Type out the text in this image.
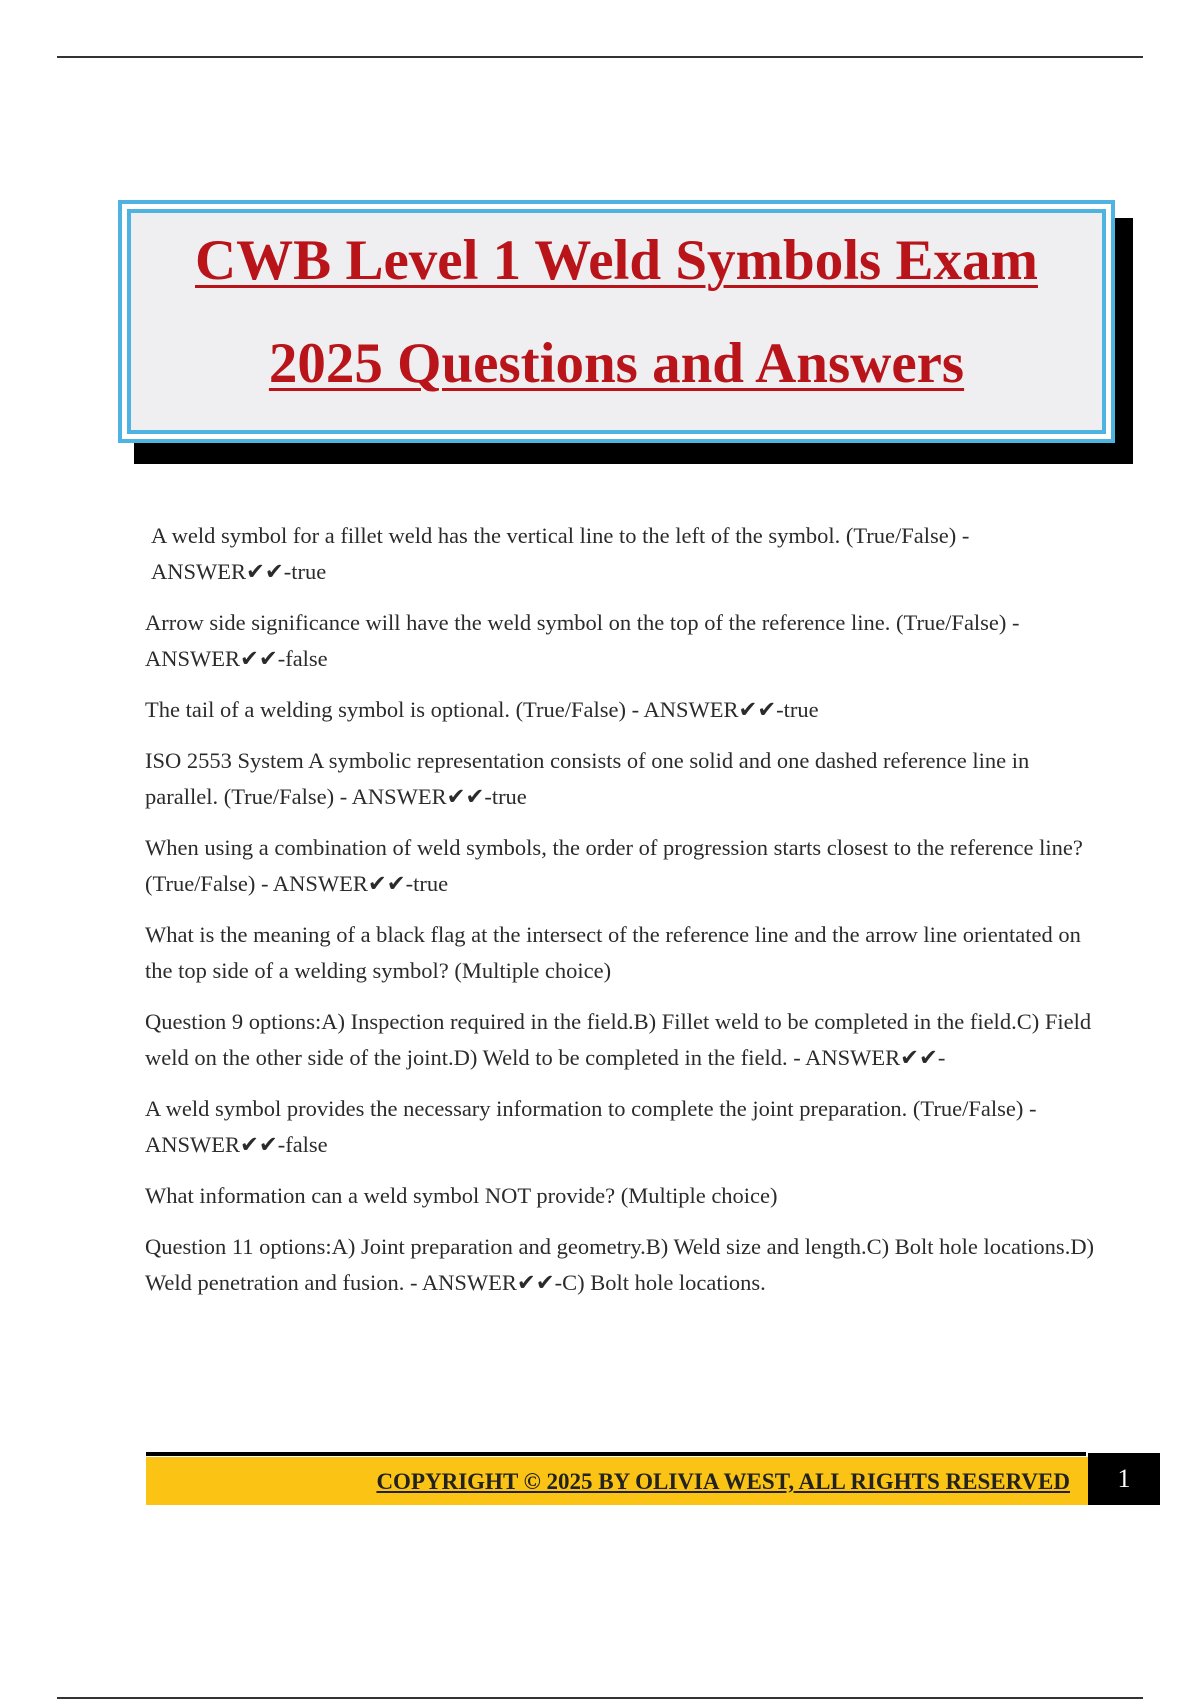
CWB Level 1 Weld Symbols Exam
2025 Questions and Answers

A weld symbol for a fillet weld has the vertical line to the left of the symbol. (True/False) - ANSWER✔✔-true

Arrow side significance will have the weld symbol on the top of the reference line. (True/False) - ANSWER✔✔-false

The tail of a welding symbol is optional. (True/False) - ANSWER✔✔-true

ISO 2553 System A symbolic representation consists of one solid and one dashed reference line in parallel. (True/False) - ANSWER✔✔-true

When using a combination of weld symbols, the order of progression starts closest to the reference line? (True/False) - ANSWER✔✔-true

What is the meaning of a black flag at the intersect of the reference line and the arrow line orientated on the top side of a welding symbol? (Multiple choice)

Question 9 options:A) Inspection required in the field.B) Fillet weld to be completed in the field.C) Field weld on the other side of the joint.D) Weld to be completed in the field. - ANSWER✔✔-

A weld symbol provides the necessary information to complete the joint preparation. (True/False) - ANSWER✔✔-false

What information can a weld symbol NOT provide? (Multiple choice)

Question 11 options:A) Joint preparation and geometry.B) Weld size and length.C) Bolt hole locations.D) Weld penetration and fusion. - ANSWER✔✔-C) Bolt hole locations.

COPYRIGHT © 2025 BY OLIVIA WEST, ALL RIGHTS RESERVED	1
